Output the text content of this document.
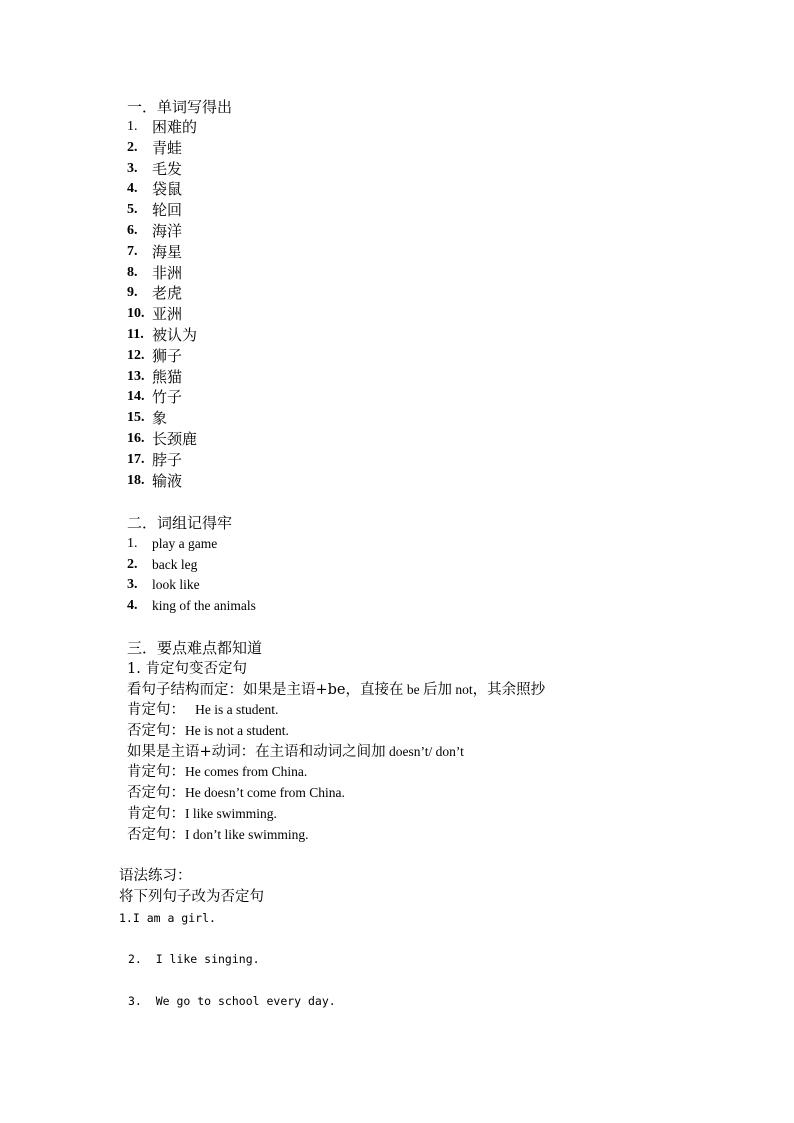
一．单词写得出
1. 困难的
2. 青蛙
3. 毛发
4. 袋鼠
5. 轮回
6. 海洋
7. 海星
8. 非洲
9. 老虎
10. 亚洲
11. 被认为
12. 狮子
13. 熊猫
14. 竹子
15. 象
16. 长颈鹿
17. 脖子
18. 输液
二．词组记得牢
1.	play a game
2.	back leg
3.	look like
4.	king of the animals
三．要点难点都知道
1. 肯定句变否定句
看句子结构而定：如果是主语+be，直接在 be 后加 not，其余照抄
肯定句：   He is a student.
否定句：He is not a student.
如果是主语+动词：在主语和动词之间加 doesn’t/ don’t
肯定句：He comes from China.
否定句：He doesn’t come from China.
肯定句：I like swimming.
否定句：I don’t like swimming.
语法练习：
将下列句子改为否定句
1.I am a girl.
2.  I like singing.
3.  We go to school every day.
